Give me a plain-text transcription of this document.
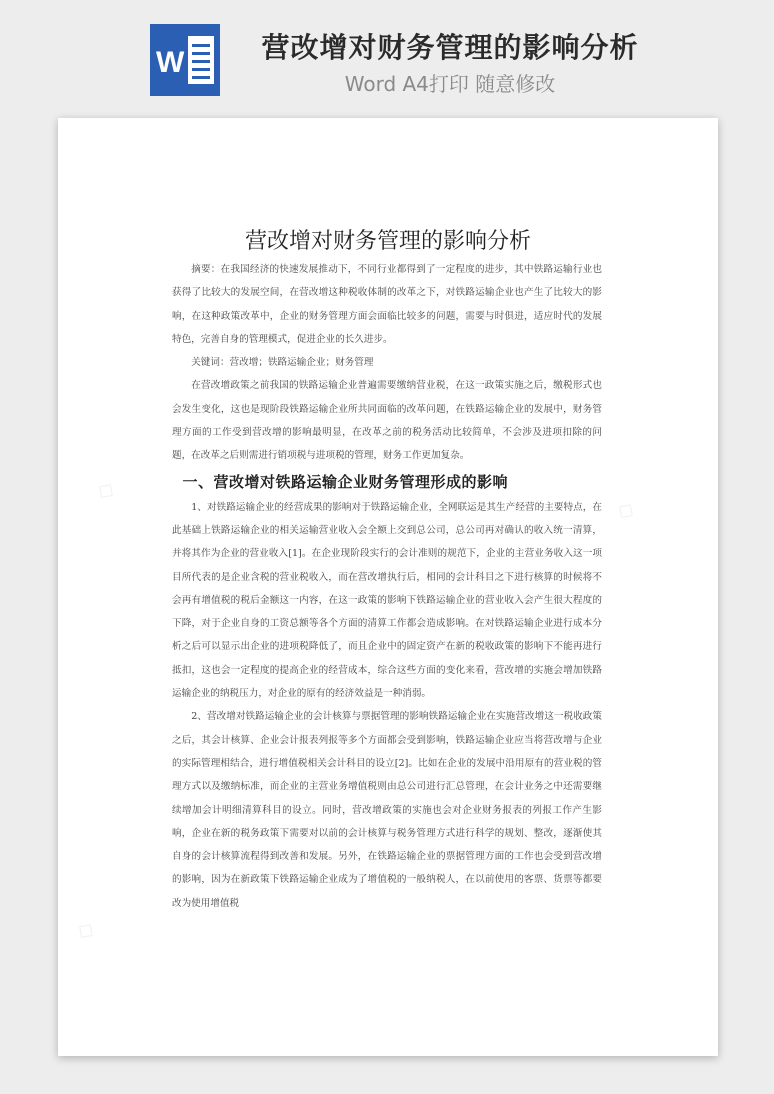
W	营改增对财务管理的影响分析
Word A4打印 随意修改
◇
◇
◇
营改增对财务管理的影响分析

摘要：在我国经济的快速发展推动下，不同行业都得到了一定程度的进步，其中铁路运输行业也获得了比较大的发展空间，在营改增这种税收体制的改革之下，对铁路运输企业也产生了比较大的影响，在这种政策改革中，企业的财务管理方面会面临比较多的问题，需要与时俱进，适应时代的发展特色，完善自身的管理模式，促进企业的长久进步。

关键词：营改增；铁路运输企业；财务管理

在营改增政策之前我国的铁路运输企业普遍需要缴纳营业税，在这一政策实施之后，缴税形式也会发生变化，这也是现阶段铁路运输企业所共同面临的改革问题，在铁路运输企业的发展中，财务管理方面的工作受到营改增的影响最明显，在改革之前的税务活动比较简单，不会涉及进项扣除的问题，在改革之后则需进行销项税与进项税的管理，财务工作更加复杂。

一、营改增对铁路运输企业财务管理形成的影响

1、对铁路运输企业的经营成果的影响对于铁路运输企业，全网联运是其生产经营的主要特点，在此基础上铁路运输企业的相关运输营业收入会全额上交到总公司，总公司再对确认的收入统一清算，并将其作为企业的营业收入[1]。在企业现阶段实行的会计准则的规范下，企业的主营业务收入这一项目所代表的是企业含税的营业税收入，而在营改增执行后，相同的会计科目之下进行核算的时候将不会再有增值税的税后金额这一内容，在这一政策的影响下铁路运输企业的营业收入会产生很大程度的下降，对于企业自身的工资总额等各个方面的清算工作都会造成影响。在对铁路运输企业进行成本分析之后可以显示出企业的进项税降低了，而且企业中的固定资产在新的税收政策的影响下不能再进行抵扣，这也会一定程度的提高企业的经营成本，综合这些方面的变化来看，营改增的实施会增加铁路运输企业的纳税压力，对企业的原有的经济效益是一种消弱。

2、营改增对铁路运输企业的会计核算与票据管理的影响铁路运输企业在实施营改增这一税收政策之后，其会计核算、企业会计报表列报等多个方面都会受到影响，铁路运输企业应当将营改增与企业的实际管理相结合，进行增值税相关会计科目的设立[2]。比如在企业的发展中沿用原有的营业税的管理方式以及缴纳标准，而企业的主营业务增值税则由总公司进行汇总管理，在会计业务之中还需要继续增加会计明细清算科目的设立。同时，营改增政策的实施也会对企业财务报表的列报工作产生影响，企业在新的税务政策下需要对以前的会计核算与税务管理方式进行科学的规划、整改，逐渐使其自身的会计核算流程得到改善和发展。另外，在铁路运输企业的票据管理方面的工作也会受到营改增的影响，因为在新政策下铁路运输企业成为了增值税的一般纳税人，在以前使用的客票、货票等都要改为使用增值税
